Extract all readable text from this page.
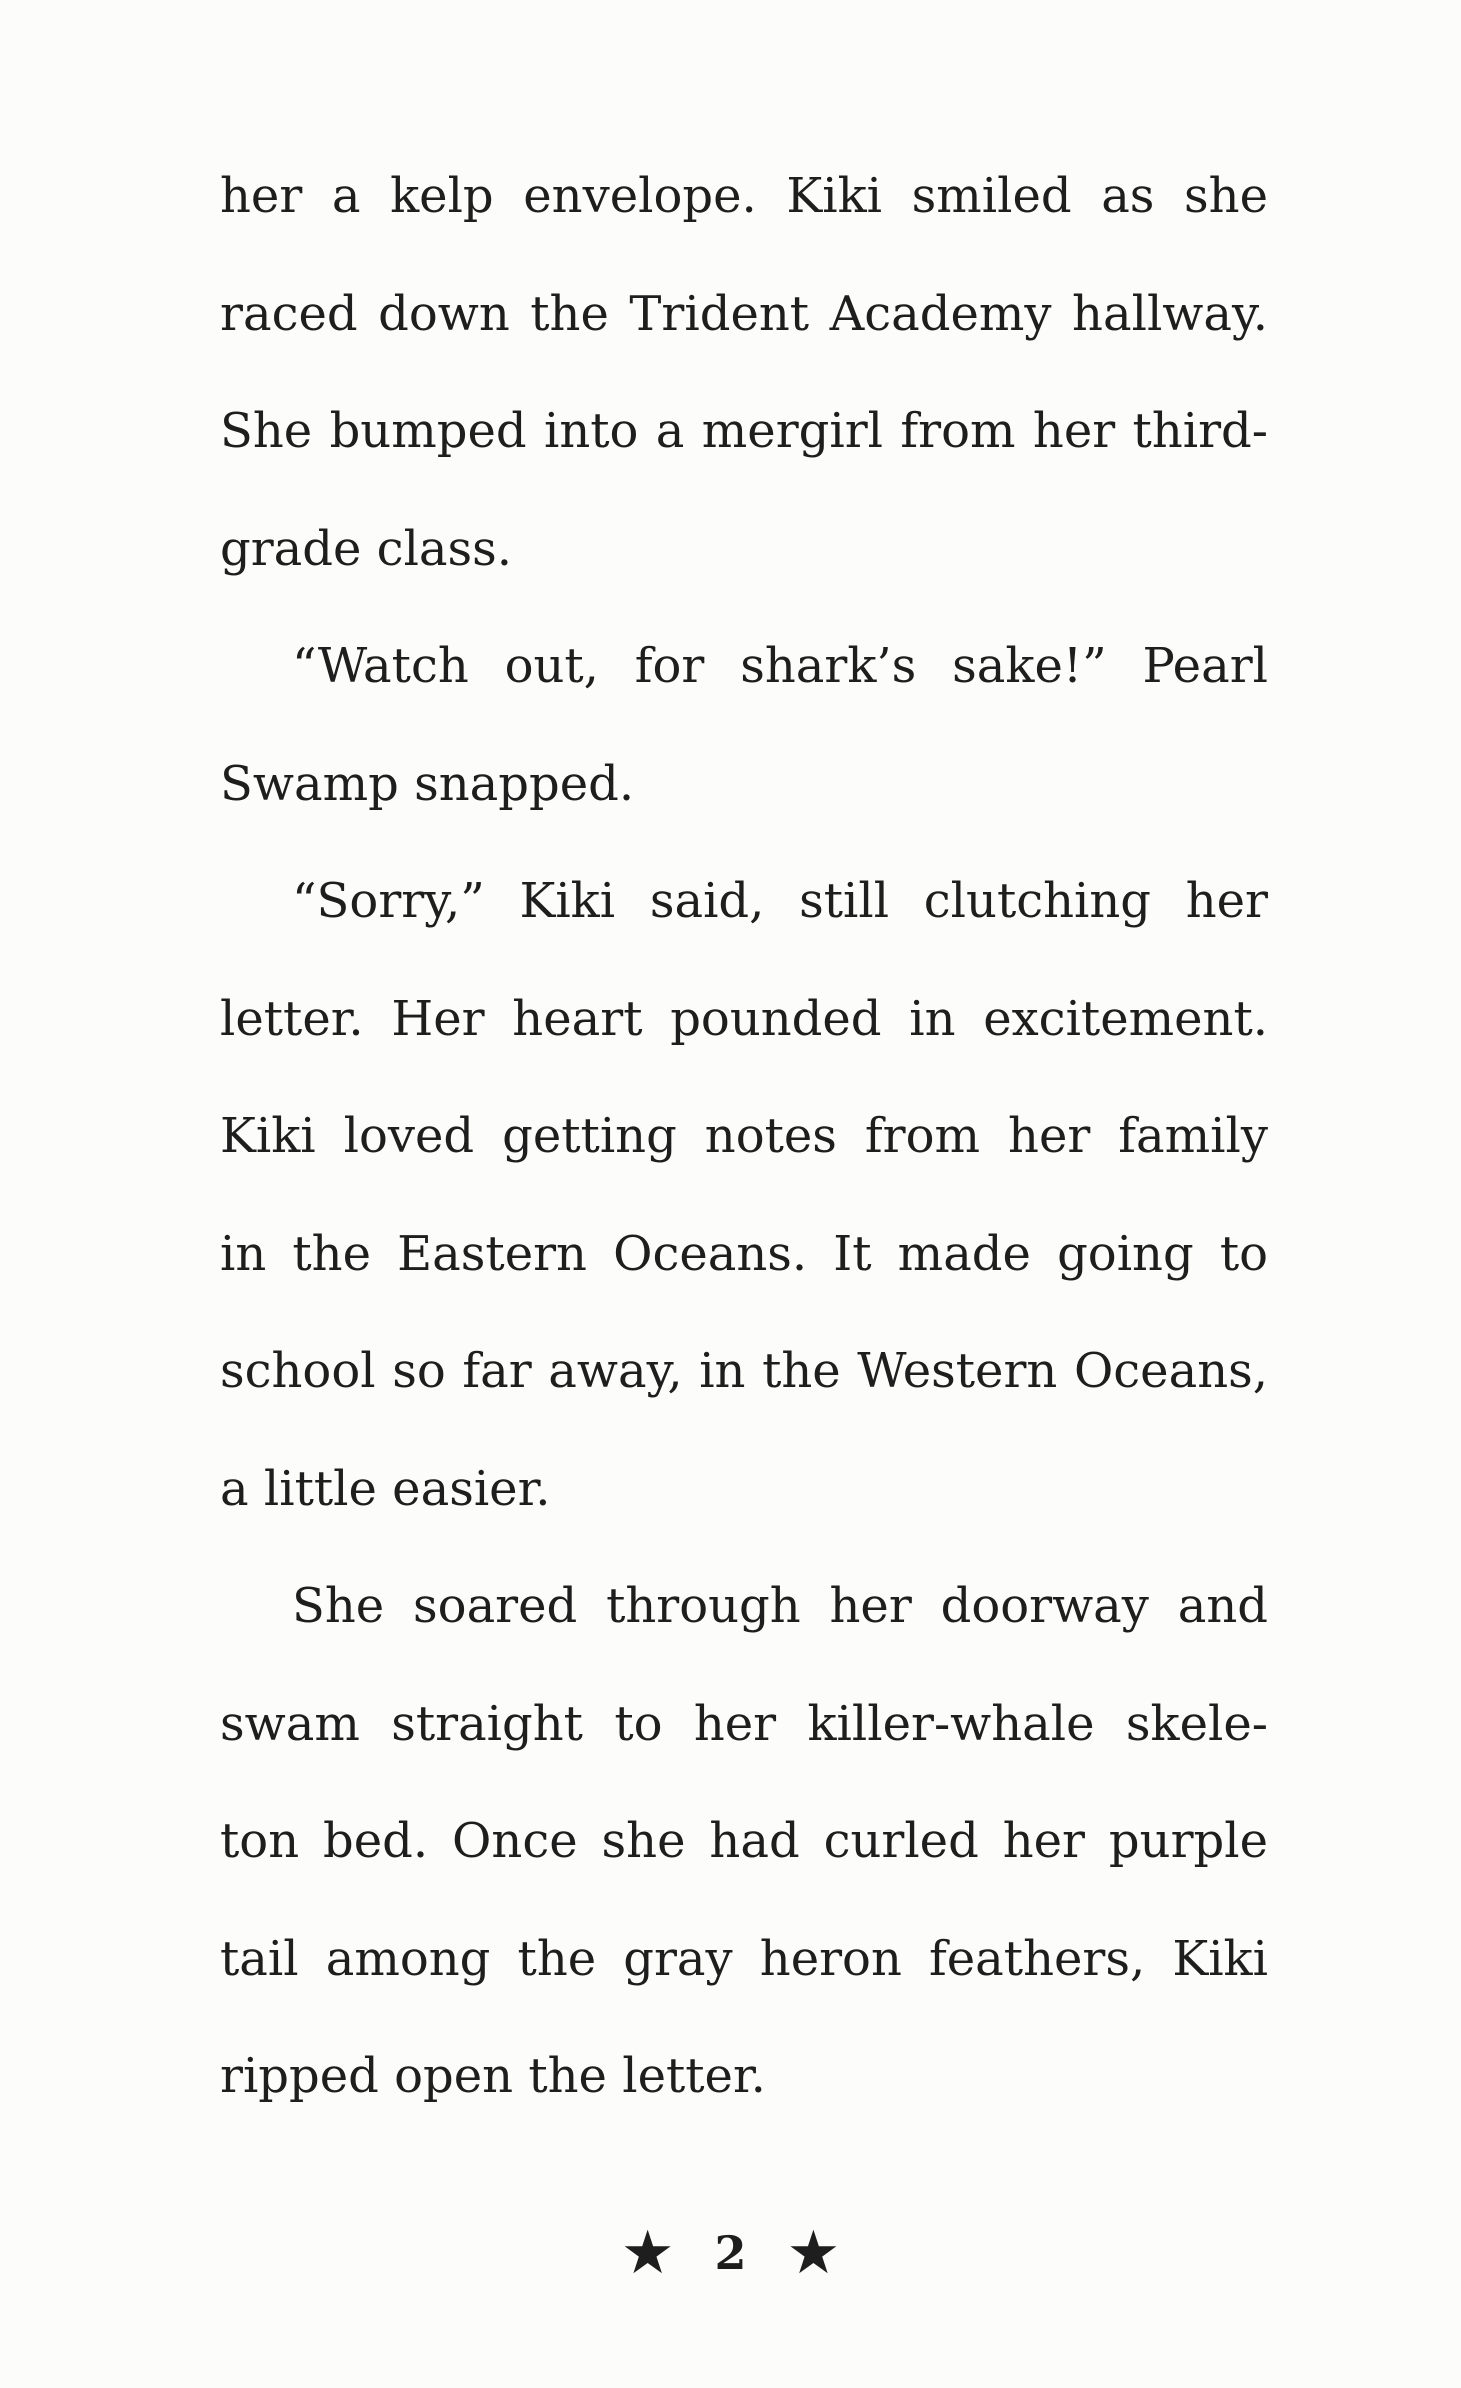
her a kelp envelope. Kiki smiled as she
raced down the Trident Academy hallway.
She bumped into a mergirl from her third-
grade class.
“Watch out, for shark’s sake!” Pearl
Swamp snapped.
“Sorry,” Kiki said, still clutching her
letter. Her heart pounded in excitement.
Kiki loved getting notes from her family
in the Eastern Oceans. It made going to
school so far away, in the Western Oceans,
a little easier.
She soared through her doorway and
swam straight to her killer-whale skele-
ton bed. Once she had curled her purple
tail among the gray heron feathers, Kiki
ripped open the letter.
★ 2 ★
